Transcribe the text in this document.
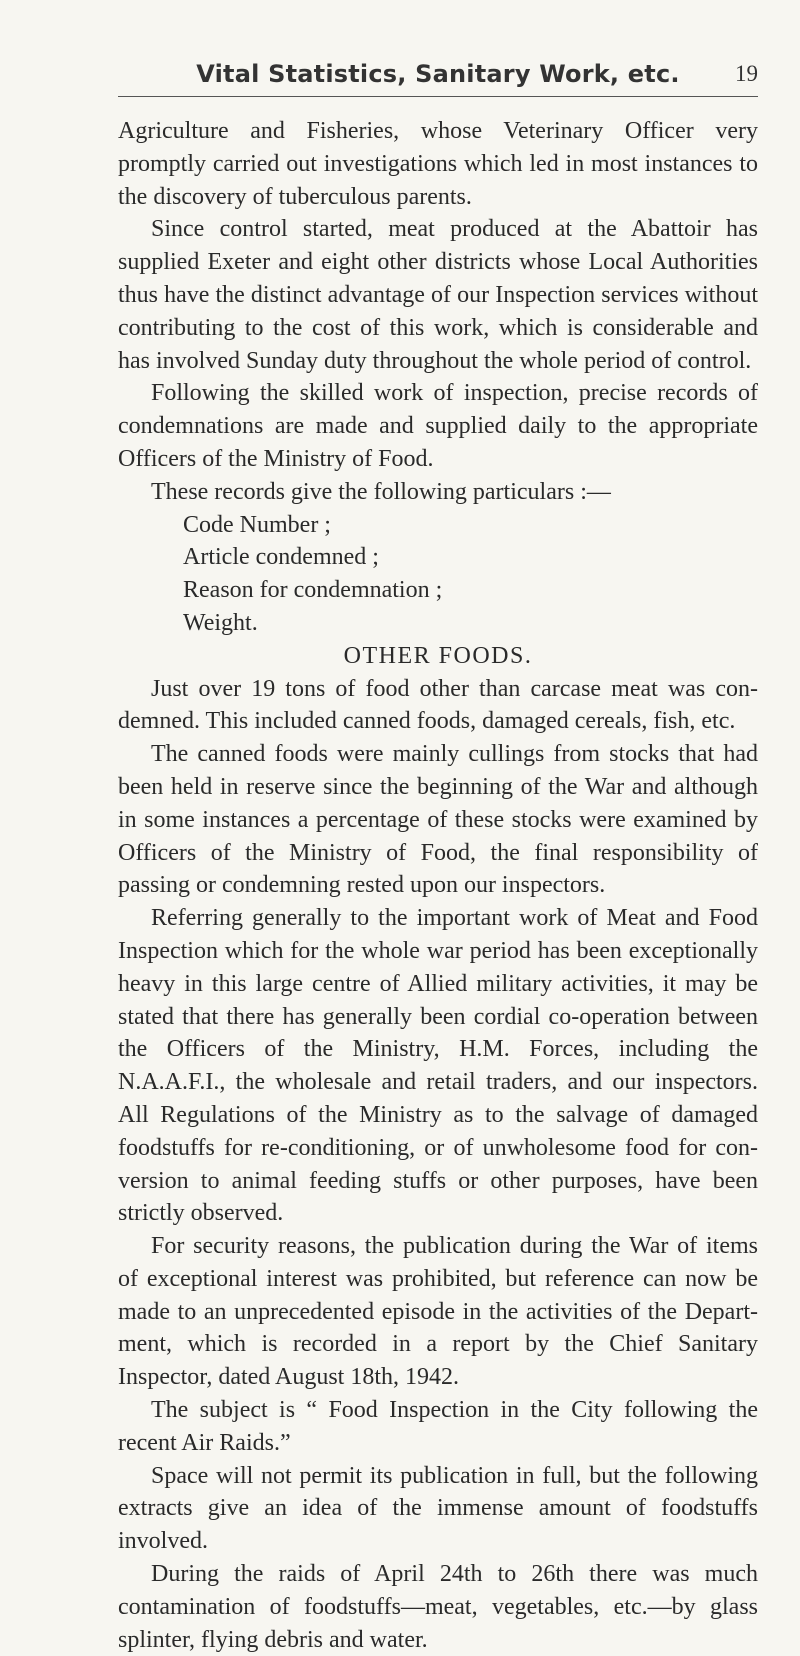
Vital Statistics, Sanitary Work, etc.	19

Agriculture and Fisheries, whose Veterinary Officer very promptly carried out investigations which led in most instances to the discovery of tuberculous parents.

Since control started, meat produced at the Abattoir has supplied Exeter and eight other districts whose Local Authorities thus have the distinct advantage of our Inspection services without contributing to the cost of this work, which is considerable and has involved Sunday duty throughout the whole period of control.

Following the skilled work of inspection, precise records of condemnations are made and supplied daily to the appropriate Officers of the Ministry of Food.

These records give the following particulars :—

Code Number ;
Article condemned ;
Reason for condemnation ;
Weight.
OTHER FOODS.

Just over 19 tons of food other than carcase meat was condemned. This included canned foods, damaged cereals, fish, etc.

The canned foods were mainly cullings from stocks that had been held in reserve since the beginning of the War and although in some instances a percentage of these stocks were examined by Officers of the Ministry of Food, the final responsibility of passing or condemning rested upon our inspectors.

Referring generally to the important work of Meat and Food Inspection which for the whole war period has been exceptionally heavy in this large centre of Allied military activities, it may be stated that there has generally been cordial co-operation between the Officers of the Ministry, H.M. Forces, including the N.A.A.F.I., the wholesale and retail traders, and our inspectors. All Regulations of the Ministry as to the salvage of damaged foodstuffs for re-conditioning, or of unwholesome food for conversion to animal feeding stuffs or other purposes, have been strictly observed.

For security reasons, the publication during the War of items of exceptional interest was prohibited, but reference can now be made to an unprecedented episode in the activities of the Department, which is recorded in a report by the Chief Sanitary Inspector, dated August 18th, 1942.

The subject is “ Food Inspection in the City following the recent Air Raids.”

Space will not permit its publication in full, but the following extracts give an idea of the immense amount of foodstuffs involved.

During the raids of April 24th to 26th there was much contamination of foodstuffs—meat, vegetables, etc.—by glass splinter, flying debris and water.
